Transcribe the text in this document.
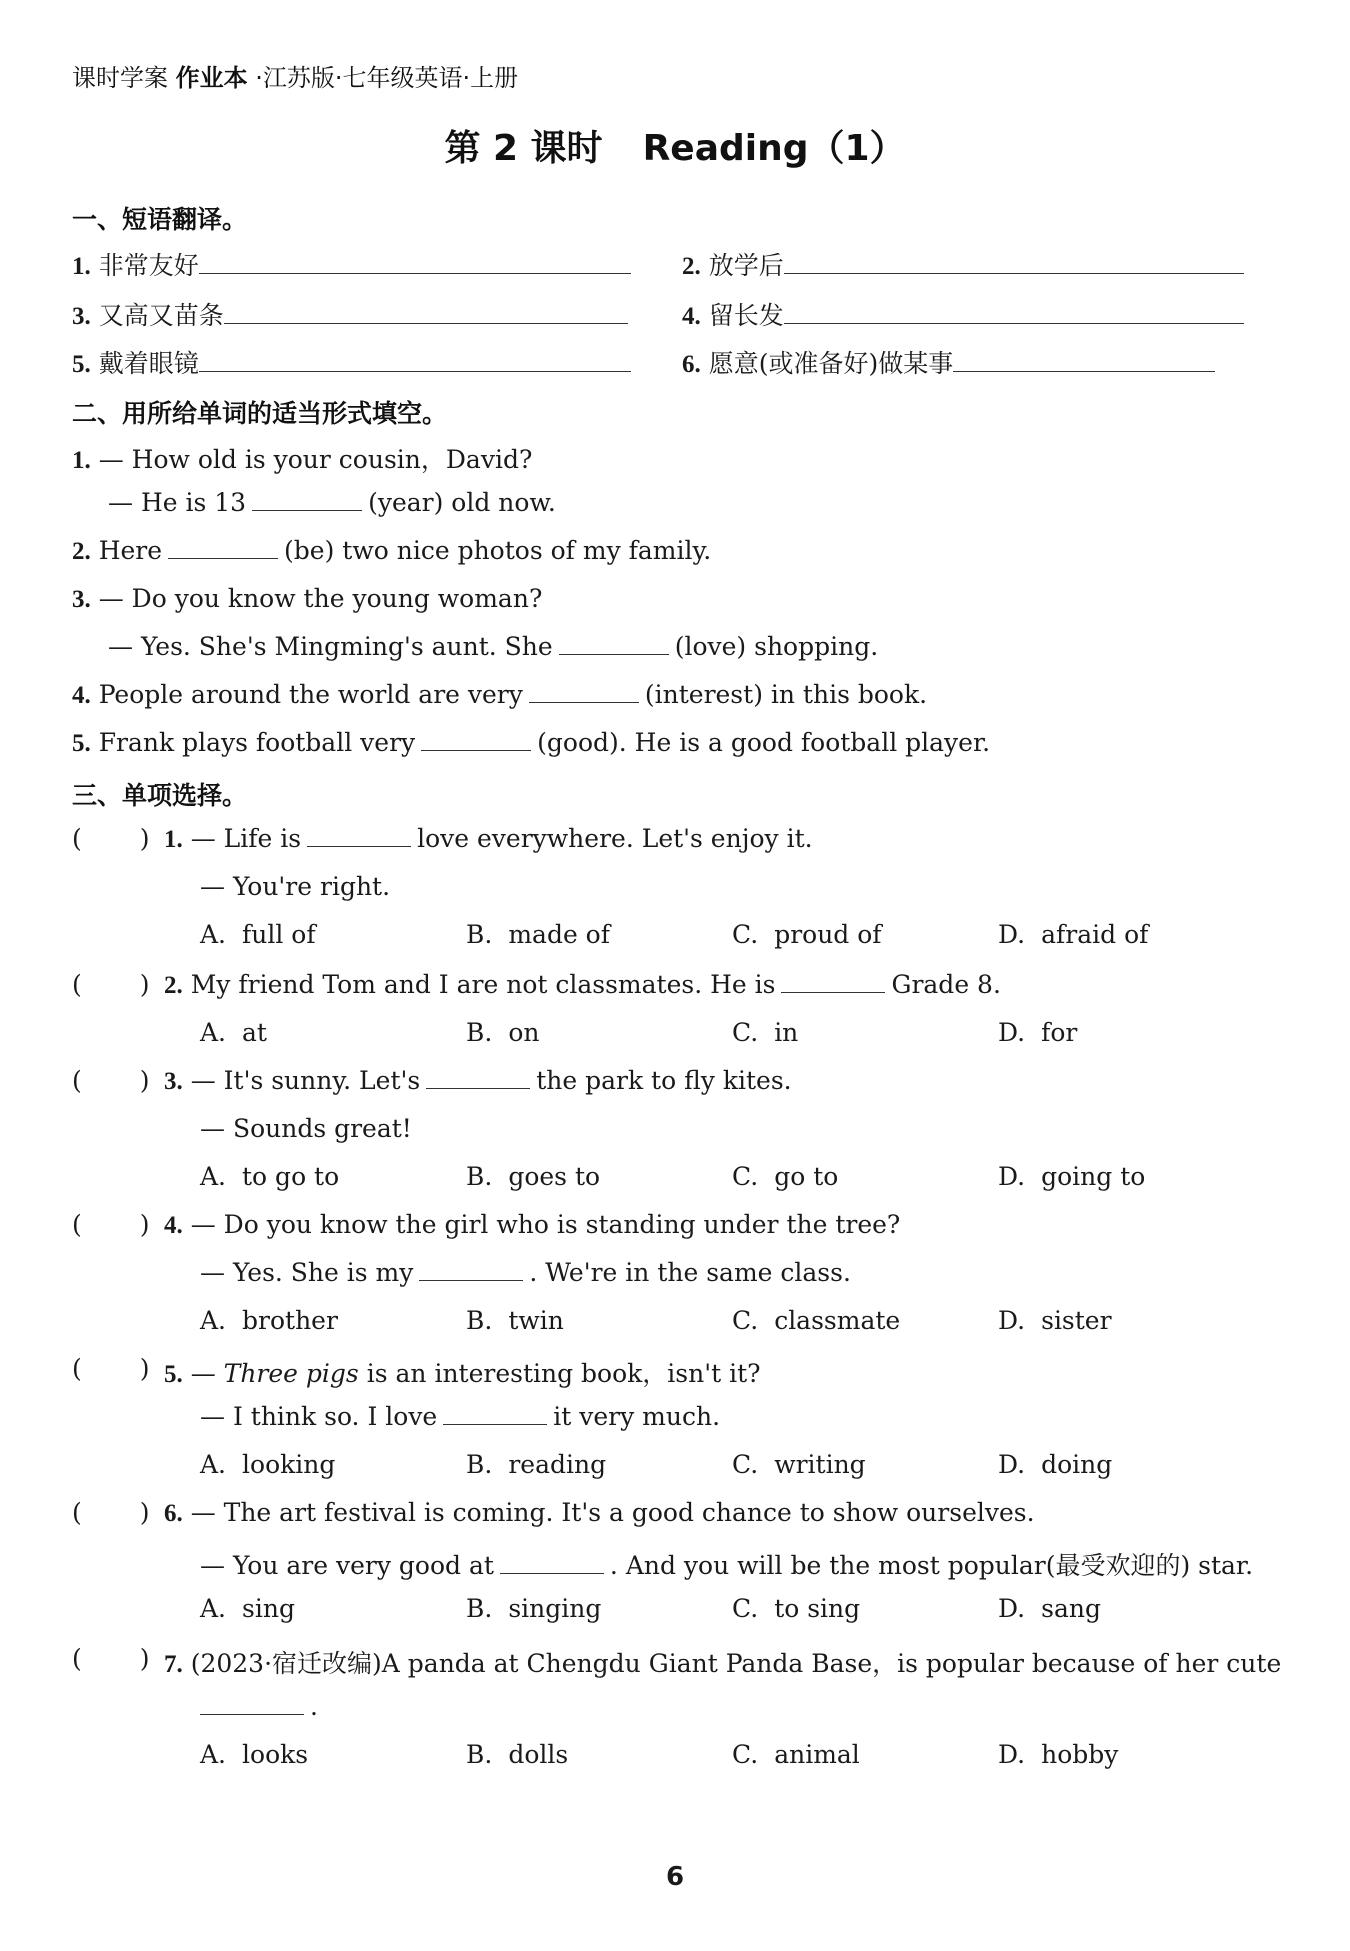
课时学案 作业本 ·江苏版·七年级英语·上册
第 2 课时 Reading（1）
一、短语翻译。
1. 非常友好	2. 放学后
3. 又高又苗条	4. 留长发
5. 戴着眼镜	6. 愿意(或准备好)做某事
二、用所给单词的适当形式填空。
1. — How old is your cousin，David?
— He is 13	(year) old now.
2. Here	(be) two nice photos of my family.
3. — Do you know the young woman?
— Yes. She's Mingming's aunt. She	(love) shopping.
4. People around the world are very	(interest) in this book.
5. Frank plays football very	(good). He is a good football player.
三、单项选择。
( ) 1. — Life is	love everywhere. Let's enjoy it.
— You're right.
A. full of	B. made of	C. proud of	D. afraid of
( ) 2. My friend Tom and I are not classmates. He is	Grade 8.
A. at	B. on	C. in	D. for
( ) 3. — It's sunny. Let's	the park to fly kites.
— Sounds great!
A. to go to	B. goes to	C. go to	D. going to
( ) 4. — Do you know the girl who is standing under the tree?
— Yes. She is my	. We're in the same class.
A. brother	B. twin	C. classmate	D. sister
( ) 5. — Three pigs is an interesting book，isn't it?
— I think so. I love	it very much.
A. looking	B. reading	C. writing	D. doing
( ) 6. — The art festival is coming. It's a good chance to show ourselves.
— You are very good at	. And you will be the most popular(最受欢迎的) star.
A. sing	B. singing	C. to sing	D. sang
( ) 7. (2023·宿迁改编)A panda at Chengdu Giant Panda Base，is popular because of her cute
.
A. looks	B. dolls	C. animal	D. hobby
6
